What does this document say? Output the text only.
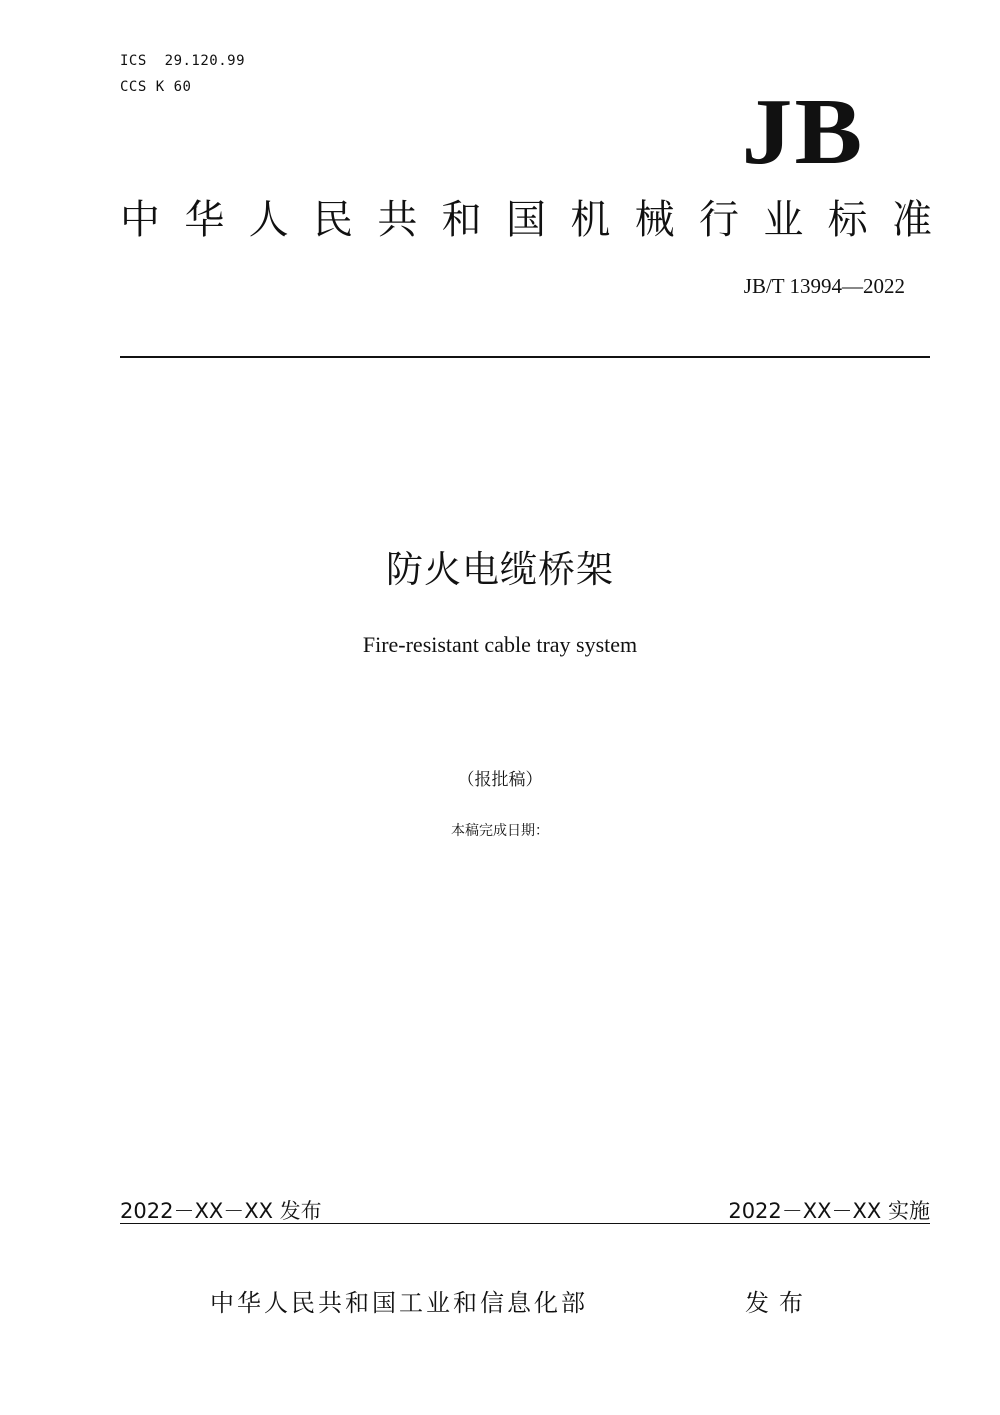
ICS  29.120.99
CCS K 60	JB
中华人民共和国机械行业标准
JB/T 13994—2022
防火电缆桥架
Fire-resistant cable tray system
（报批稿）
本稿完成日期：
2022－XX－XX 发布	2022－XX－XX 实施
中华人民共和国工业和信息化部	发布
